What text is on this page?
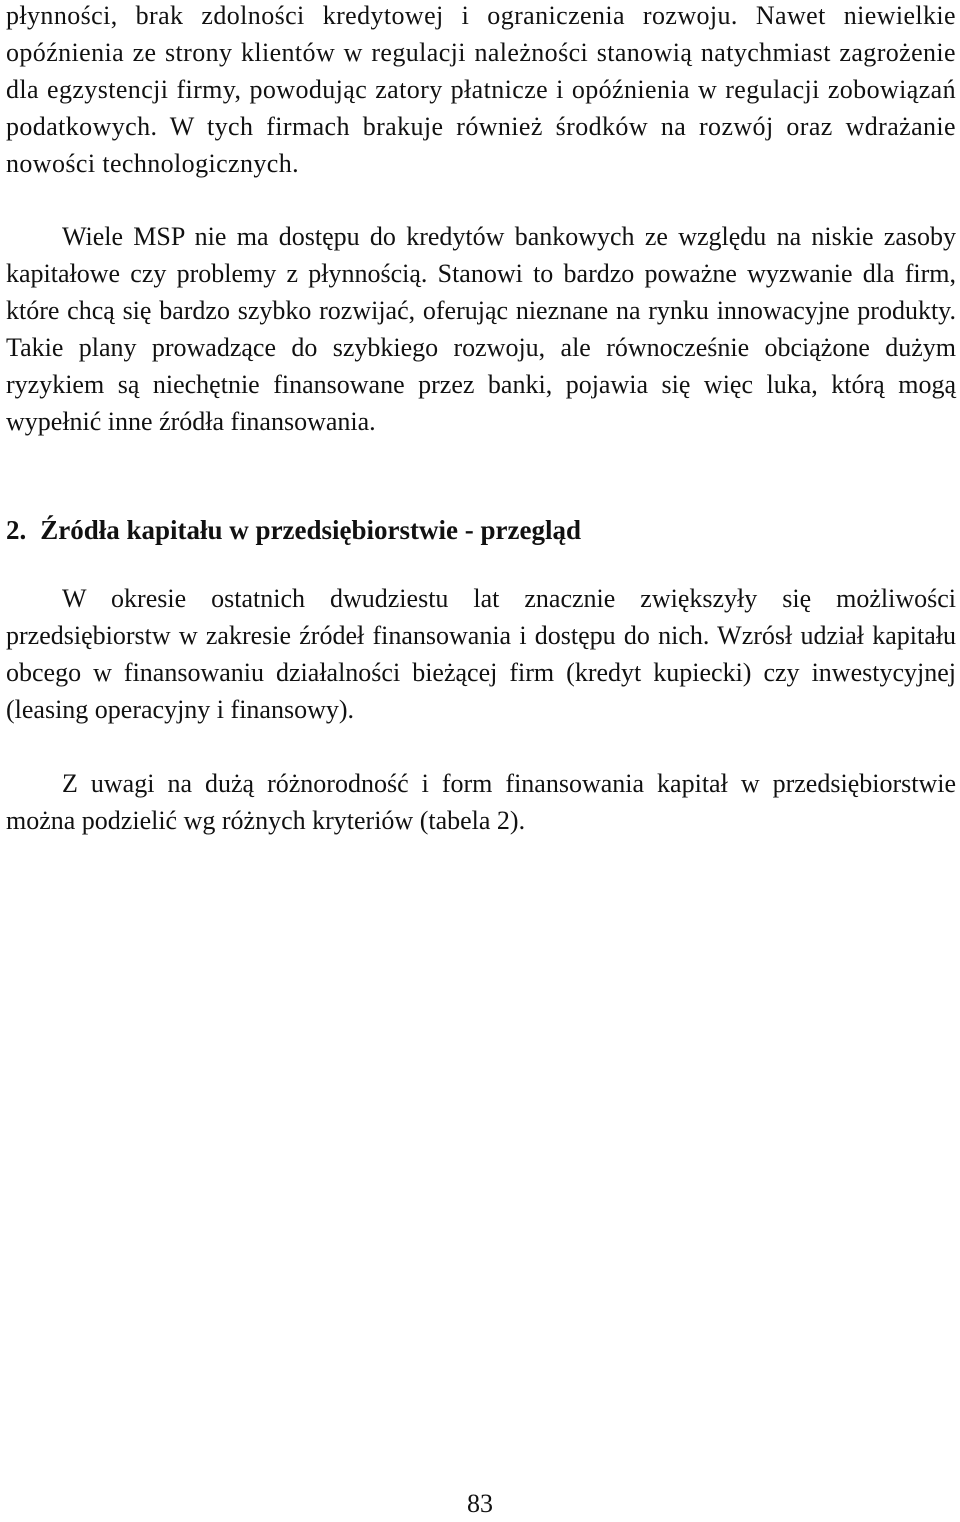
płynności, brak zdolności kredytowej i ograniczenia rozwoju. Nawet niewielkie opóźnienia ze strony klientów w regulacji należności stanowią natychmiast zagrożenie dla egzystencji firmy, powodując zatory płatnicze i opóźnienia w regulacji zobowiązań podatkowych. W tych firmach brakuje również środków na rozwój oraz wdrażanie nowości technologicznych.

Wiele MSP nie ma dostępu do kredytów bankowych ze względu na niskie zasoby kapitałowe czy problemy z płynnością. Stanowi to bardzo poważne wyzwanie dla firm, które chcą się bardzo szybko rozwijać, oferując nieznane na rynku innowacyjne produkty. Takie plany prowadzące do szybkiego rozwoju, ale równocześnie obciążone dużym ryzykiem są niechętnie finansowane przez banki, pojawia się więc luka, którą mogą wypełnić inne źródła finansowania.

2. Źródła kapitału w przedsiębiorstwie - przegląd

W okresie ostatnich dwudziestu lat znacznie zwiększyły się możliwości przedsiębiorstw w zakresie źródeł finansowania i dostępu do nich. Wzrósł udział kapitału obcego w finansowaniu działalności bieżącej firm (kredyt kupiecki) czy inwestycyjnej (leasing operacyjny i finansowy).

Z uwagi na dużą różnorodność i form finansowania kapitał w przedsiębiorstwie można podzielić wg różnych kryteriów (tabela 2).

83
